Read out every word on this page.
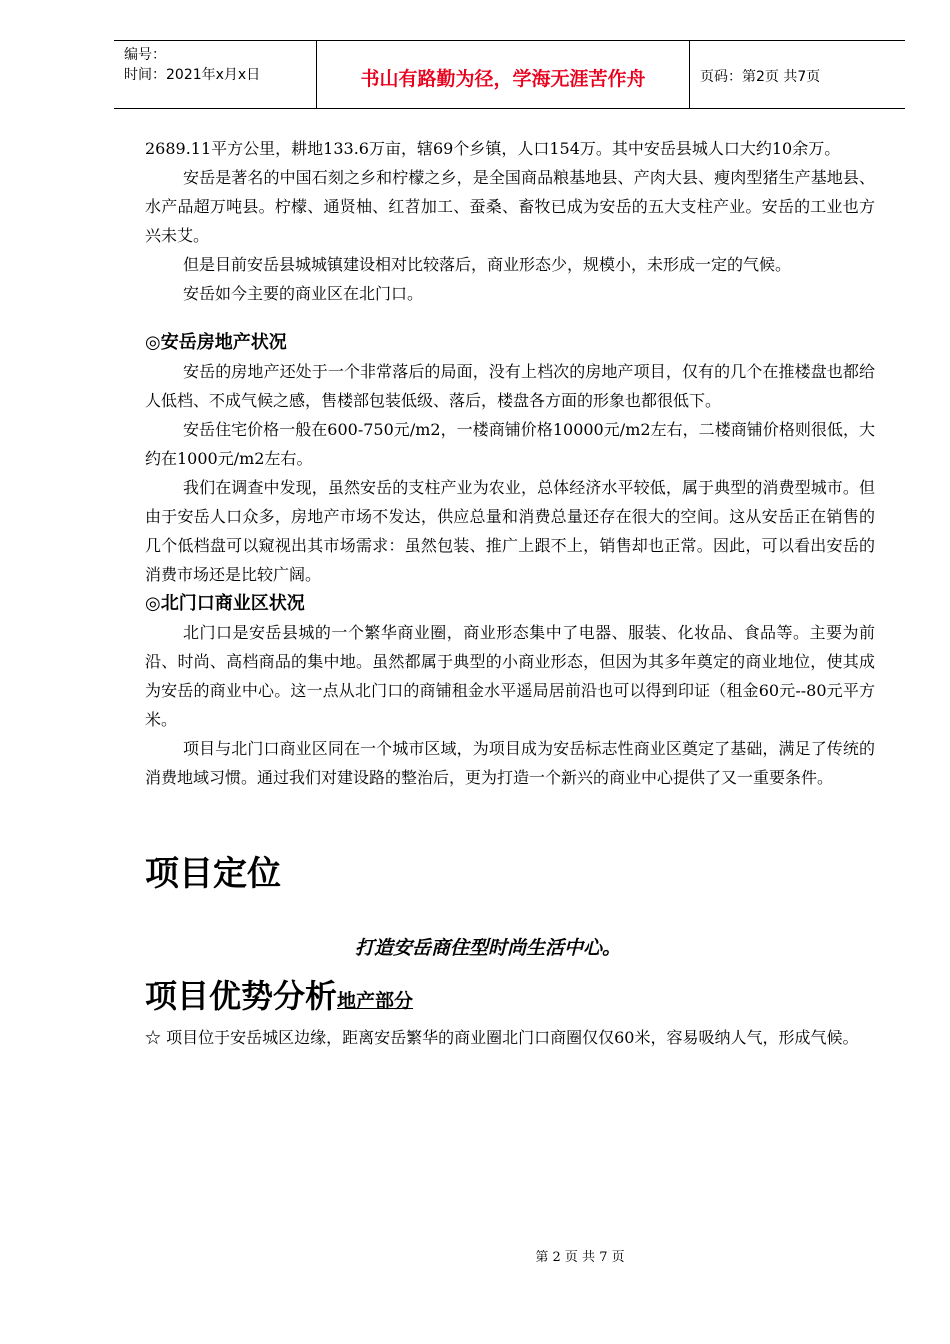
编号：
时间：2021年x月x日	书山有路勤为径，学海无涯苦作舟	页码：第2页 共7页

2689.11平方公里，耕地133.6万亩，辖69个乡镇，人口154万。其中安岳县城人口大约10余万。

安岳是著名的中国石刻之乡和柠檬之乡，是全国商品粮基地县、产肉大县、瘦肉型猪生产基地县、水产品超万吨县。柠檬、通贤柚、红苕加工、蚕桑、畜牧已成为安岳的五大支柱产业。安岳的工业也方兴未艾。

但是目前安岳县城城镇建设相对比较落后，商业形态少，规模小，未形成一定的气候。

安岳如今主要的商业区在北门口。

◎安岳房地产状况

安岳的房地产还处于一个非常落后的局面，没有上档次的房地产项目，仅有的几个在推楼盘也都给人低档、不成气候之感，售楼部包装低级、落后，楼盘各方面的形象也都很低下。

安岳住宅价格一般在600-750元/m2，一楼商铺价格10000元/m2左右，二楼商铺价格则很低，大约在1000元/m2左右。

我们在调查中发现，虽然安岳的支柱产业为农业，总体经济水平较低，属于典型的消费型城市。但由于安岳人口众多，房地产市场不发达，供应总量和消费总量还存在很大的空间。这从安岳正在销售的几个低档盘可以窥视出其市场需求：虽然包装、推广上跟不上，销售却也正常。因此，可以看出安岳的消费市场还是比较广阔。

◎北门口商业区状况

北门口是安岳县城的一个繁华商业圈，商业形态集中了电器、服装、化妆品、食品等。主要为前沿、时尚、高档商品的集中地。虽然都属于典型的小商业形态，但因为其多年奠定的商业地位，使其成为安岳的商业中心。这一点从北门口的商铺租金水平遥局居前沿也可以得到印证（租金60元--80元平方米。

项目与北门口商业区同在一个城市区域，为项目成为安岳标志性商业区奠定了基础，满足了传统的消费地域习惯。通过我们对建设路的整治后，更为打造一个新兴的商业中心提供了又一重要条件。

项目定位
打造安岳商住型时尚生活中心。
项目优势分析地产部分

☆ 项目位于安岳城区边缘，距离安岳繁华的商业圈北门口商圈仅仅60米，容易吸纳人气，形成气候。

第 2 页 共 7 页
